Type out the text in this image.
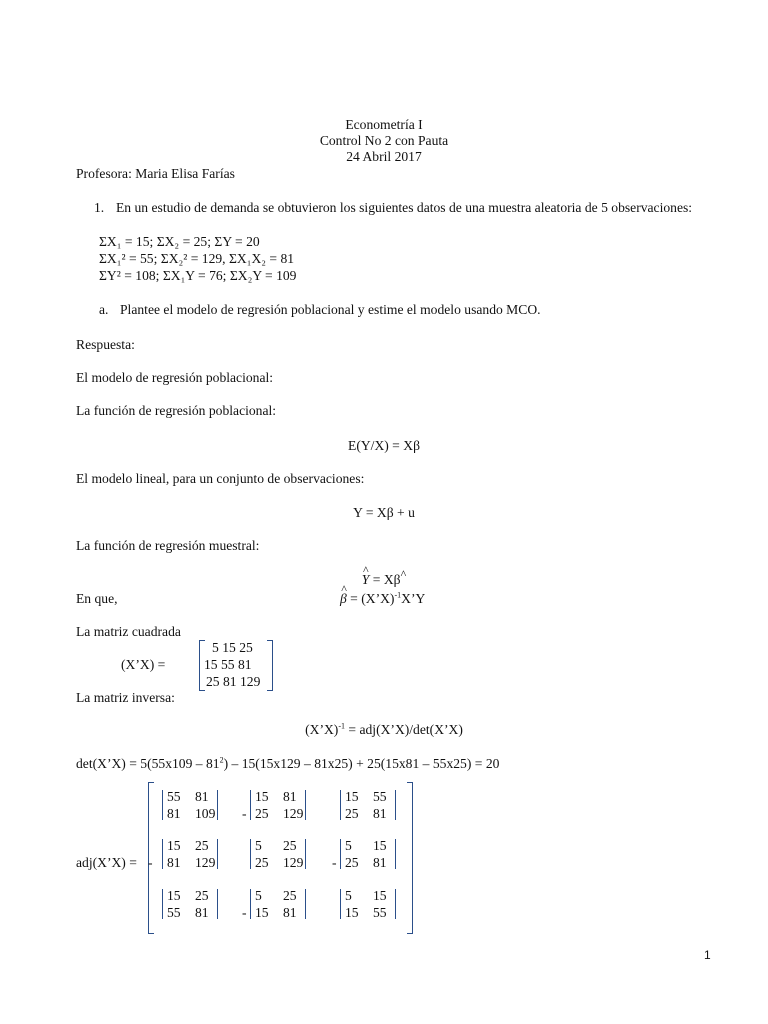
Econometría I
Control No 2 con Pauta
24 Abril 2017
Profesora: Maria Elisa Farías
1. En un estudio de demanda se obtuvieron los siguientes datos de una muestra aleatoria de 5 observaciones:
ΣX₁ = 15; ΣX₂ = 25; ΣY = 20
ΣX₁² = 55; ΣX₂² = 129, ΣX₁X₂ = 81
ΣY² = 108; ΣX₁Y = 76; ΣX₂Y = 109
a. Plantee el modelo de regresión poblacional y estime el modelo usando MCO.
Respuesta:
El modelo de regresión poblacional:
La función de regresión poblacional:
E(Y/X) = Xβ
El modelo lineal, para un conjunto de observaciones:
Y = Xβ + u
La función de regresión muestral:
^ Y = Xβ^
En que,
^	β = (X’X)$^{-1}$X’Y
La matriz cuadrada
(X’X) =
5 15 25
15 55 81
25 81 129
La matriz inversa:
(X’X)$^{-1}$ = adj(X’X)/det(X’X)
det(X’X) = $5(55x109 - 81^2) - 15(15x129 - 81x25) + 25(15x81 - 55x25) = 20$
adj(X’X) =
55 81
81 109
15 81
25 129
-
15 55
25 81
15 25
81 129
-
5 25
25 129
5 15
25 81
-
15 25
55 81
5 25
15 81
-
5 15
15 55
1
